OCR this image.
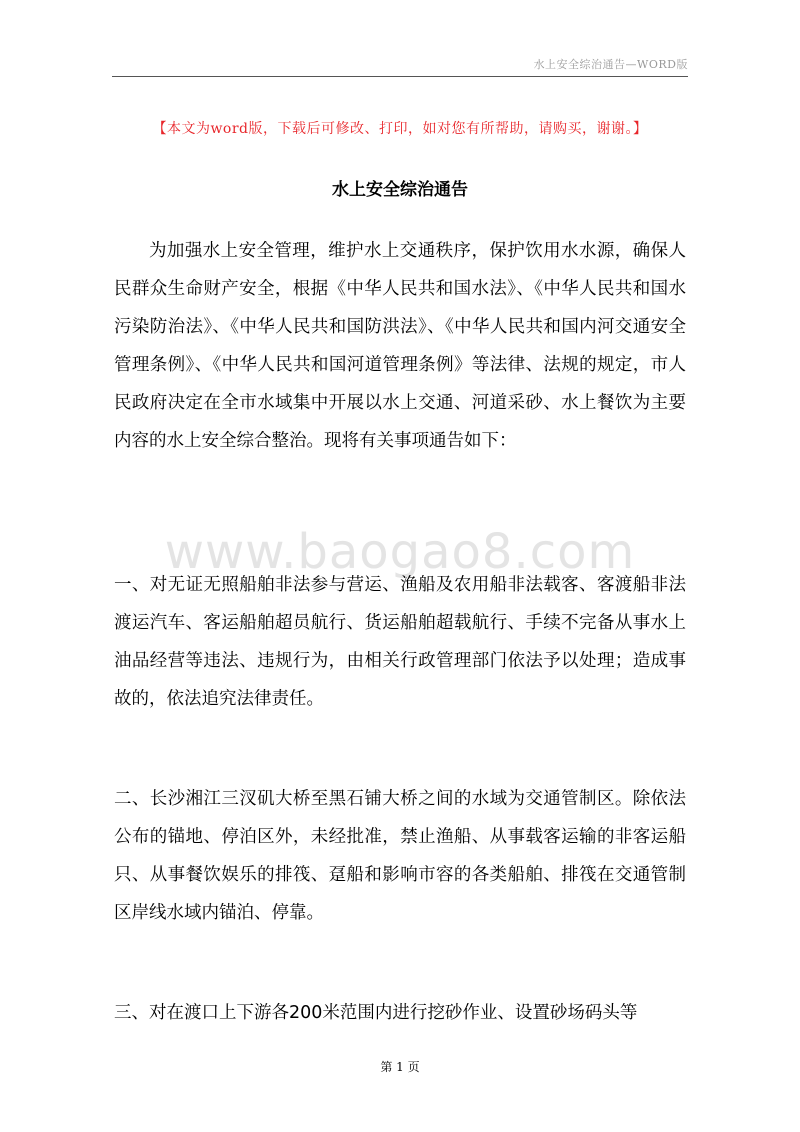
水上安全综治通告—WORD版
【本文为word版，下载后可修改、打印，如对您有所帮助，请购买，谢谢。】
水上安全综治通告
为加强水上安全管理，维护水上交通秩序，保护饮用水水源，确保人民群众生命财产安全，根据《中华人民共和国水法》、《中华人民共和国水污染防治法》、《中华人民共和国防洪法》、《中华人民共和国内河交通安全管理条例》、《中华人民共和国河道管理条例》等法律、法规的规定，市人民政府决定在全市水域集中开展以水上交通、河道采砂、水上餐饮为主要内容的水上安全综合整治。现将有关事项通告如下：
www.baogao8.com
一、对无证无照船舶非法参与营运、渔船及农用船非法载客、客渡船非法渡运汽车、客运船舶超员航行、货运船舶超载航行、手续不完备从事水上油品经营等违法、违规行为，由相关行政管理部门依法予以处理；造成事故的，依法追究法律责任。
二、长沙湘江三汊矶大桥至黑石铺大桥之间的水域为交通管制区。除依法公布的锚地、停泊区外，未经批准，禁止渔船、从事载客运输的非客运船只、从事餐饮娱乐的排筏、趸船和影响市容的各类船舶、排筏在交通管制区岸线水域内锚泊、停靠。
三、对在渡口上下游各200米范围内进行挖砂作业、设置砂场码头等
第 1 页
